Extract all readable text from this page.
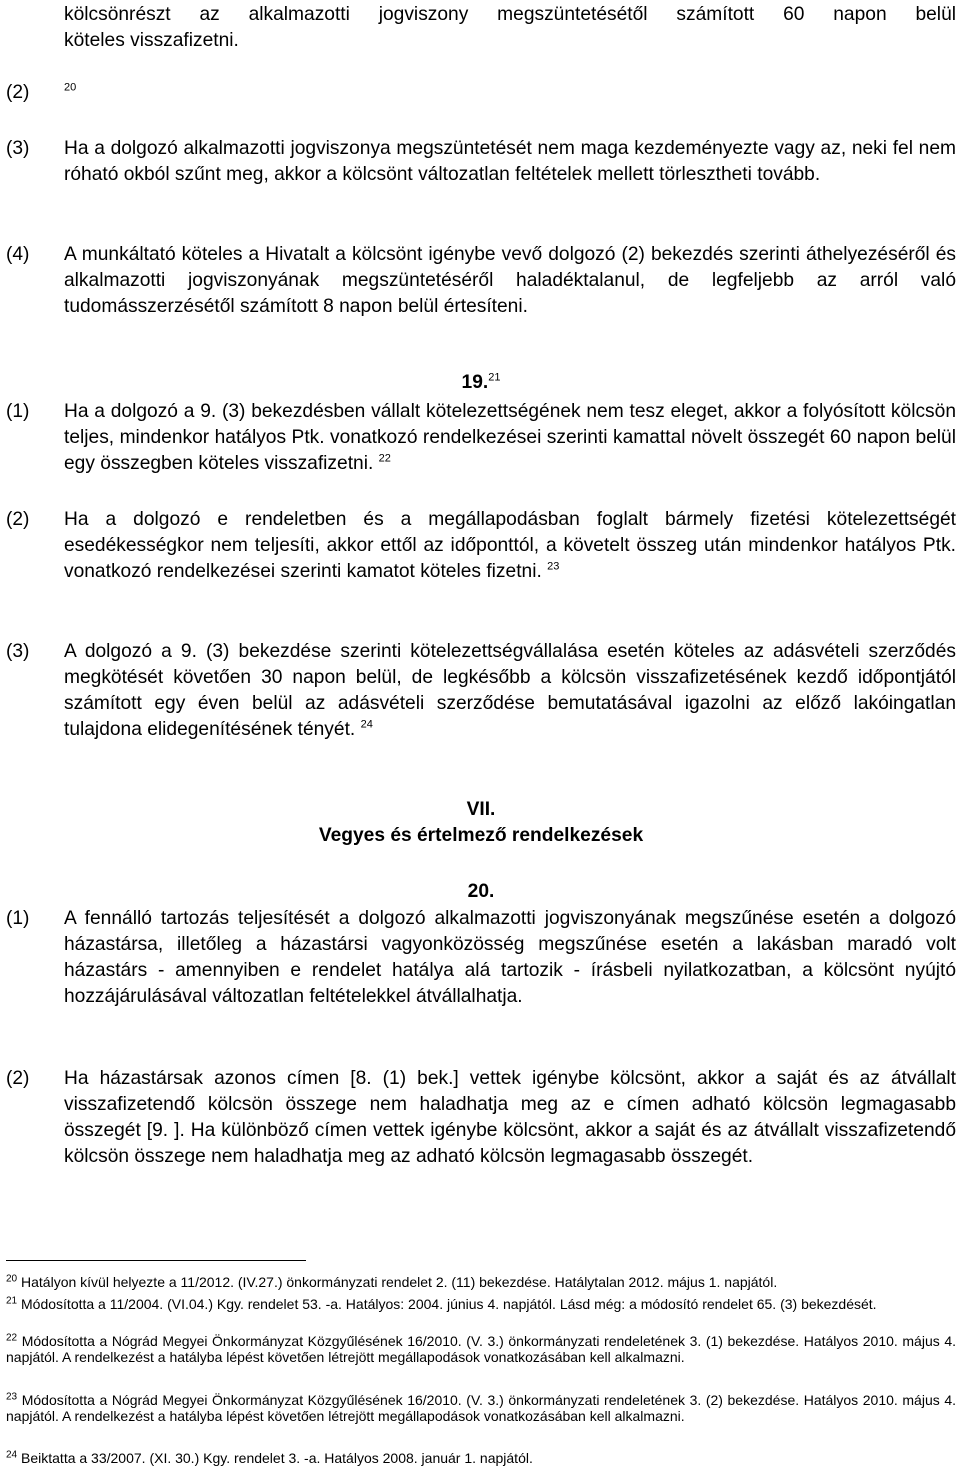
kölcsönrészt az alkalmazotti jogviszony megszüntetésétől számított 60 napon belül
köteles visszafizetni.
(2)	$^{20}$
(3) Ha a dolgozó alkalmazotti jogviszonya megszüntetését nem maga kezdeményezte vagy az, neki fel nem róható okból szűnt meg, akkor a kölcsönt változatlan feltételek mellett törlesztheti tovább.
(4) A munkáltató köteles a Hivatalt a kölcsönt igénybe vevő dolgozó (2) bekezdés szerinti áthelyezéséről és alkalmazotti jogviszonyának megszüntetéséről haladéktalanul, de legfeljebb az arról való tudomásszerzésétől számított 8 napon belül értesíteni.
19.21
(1) Ha a dolgozó a 9. (3) bekezdésben vállalt kötelezettségének nem tesz eleget, akkor a folyósított kölcsön teljes, mindenkor hatályos Ptk. vonatkozó rendelkezései szerinti kamattal növelt összegét 60 napon belül egy összegben köteles visszafizetni. $^{22}$
(2) Ha a dolgozó e rendeletben és a megállapodásban foglalt bármely fizetési kötelezettségét esedékességkor nem teljesíti, akkor ettől az időponttól, a követelt összeg után mindenkor hatályos Ptk. vonatkozó rendelkezései szerinti kamatot köteles fizetni. $^{23}$
(3) A dolgozó a 9. (3) bekezdése szerinti kötelezettségvállalása esetén köteles az adásvételi szerződés megkötését követően 30 napon belül, de legkésőbb a kölcsön visszafizetésének kezdő időpontjától számított egy éven belül az adásvételi szerződése bemutatásával igazolni az előző lakóingatlan tulajdona elidegenítésének tényét. $^{24}$
VII.
Vegyes és értelmező rendelkezések
20.
(1) A fennálló tartozás teljesítését a dolgozó alkalmazotti jogviszonyának megszűnése esetén a dolgozó házastársa, illetőleg a házastársi vagyonközösség megszűnése esetén a lakásban maradó volt házastárs - amennyiben e rendelet hatálya alá tartozik - írásbeli nyilatkozatban, a kölcsönt nyújtó hozzájárulásával változatlan feltételekkel átvállalhatja.
(2) Ha házastársak azonos címen [8. (1) bek.] vettek igénybe kölcsönt, akkor a saját és az átvállalt visszafizetendő kölcsön összege nem haladhatja meg az e címen adható kölcsön legmagasabb összegét [9. ]. Ha különböző címen vettek igénybe kölcsönt, akkor a saját és az átvállalt visszafizetendő kölcsön összege nem haladhatja meg az adható kölcsön legmagasabb összegét.
$^{20}$ Hatályon kívül helyezte a 11/2012. (IV.27.) önkormányzati rendelet 2. (11) bekezdése. Hatálytalan 2012. május 1. napjától.
$^{21}$ Módosította a 11/2004. (VI.04.) Kgy. rendelet 53. -a. Hatályos: 2004. június 4. napjától. Lásd még: a módosító rendelet 65. (3) bekezdését.
$^{22}$ Módosította a Nógrád Megyei Önkormányzat Közgyűlésének 16/2010. (V. 3.) önkormányzati rendeletének 3. (1) bekezdése. Hatályos 2010. május 4. napjától. A rendelkezést a hatályba lépést követően létrejött megállapodások vonatkozásában kell alkalmazni.
$^{23}$ Módosította a Nógrád Megyei Önkormányzat Közgyűlésének 16/2010. (V. 3.) önkormányzati rendeletének 3. (2) bekezdése. Hatályos 2010. május 4. napjától. A rendelkezést a hatályba lépést követően létrejött megállapodások vonatkozásában kell alkalmazni.
$^{24}$ Beiktatta a 33/2007. (XI. 30.) Kgy. rendelet 3. -a. Hatályos 2008. január 1. napjától.
